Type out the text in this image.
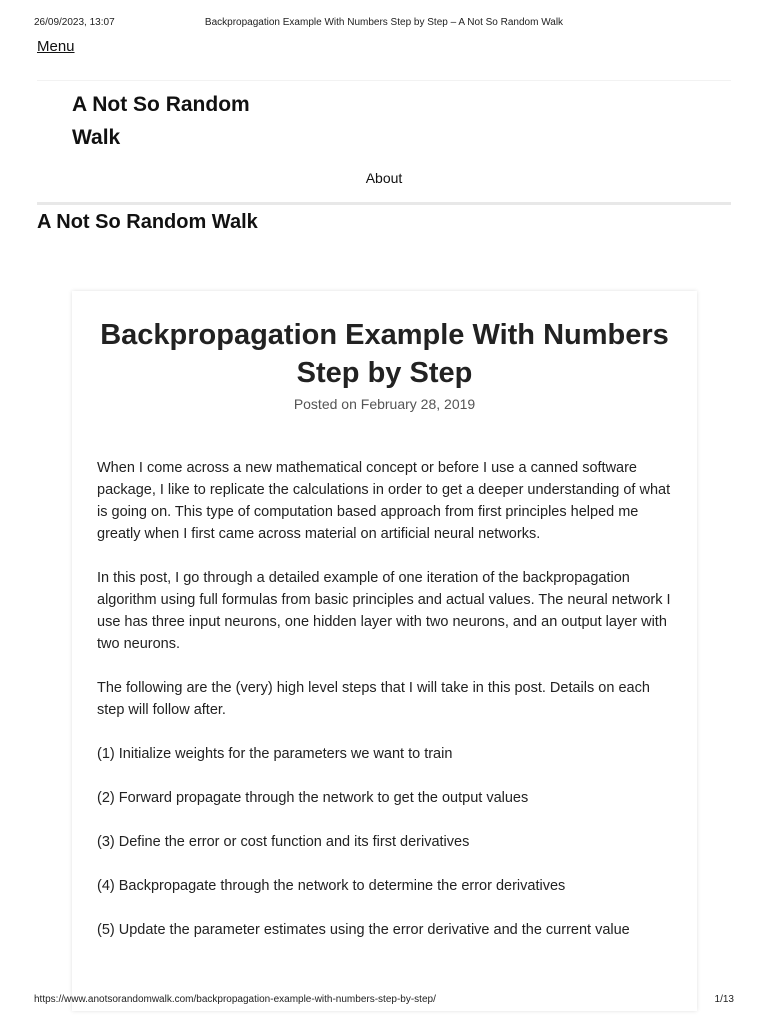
26/09/2023, 13:07	Backpropagation Example With Numbers Step by Step – A Not So Random Walk
Menu
A Not So Random
Walk
About
A Not So Random Walk
Backpropagation Example With Numbers Step by Step
Posted on February 28, 2019

When I come across a new mathematical concept or before I use a canned software package, I like to replicate the calculations in order to get a deeper understanding of what is going on. This type of computation based approach from first principles helped me greatly when I first came across material on artificial neural networks.

In this post, I go through a detailed example of one iteration of the backpropagation algorithm using full formulas from basic principles and actual values. The neural network I use has three input neurons, one hidden layer with two neurons, and an output layer with two neurons.

The following are the (very) high level steps that I will take in this post. Details on each step will follow after.

(1) Initialize weights for the parameters we want to train

(2) Forward propagate through the network to get the output values

(3) Define the error or cost function and its first derivatives

(4) Backpropagate through the network to determine the error derivatives

(5) Update the parameter estimates using the error derivative and the current value

https://www.anotsorandomwalk.com/backpropagation-example-with-numbers-step-by-step/	1/13
